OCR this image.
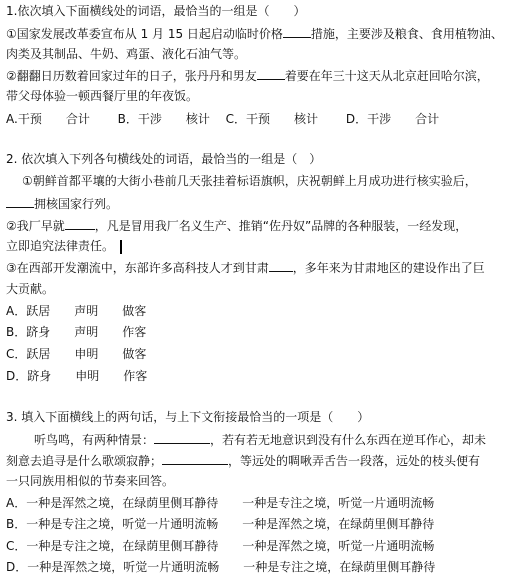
1.依次填入下面横线处的词语，最恰当的一组是（　　）
①国家发展改革委宣布从 1 月 15 日起启动临时价格 措施，主要涉及粮食、食用植物油、
肉类及其制品、牛奶、鸡蛋、液化石油气等。
②翻翻日历数着回家过年的日子，张丹丹和男友 着要在年三十这天从北京赶回哈尔滨，
带父母体验一顿西餐厅里的年夜饭。
A.干预　　合计　　 B．干涉　　核计　 C．干预　　核计　　 D．干涉　　合计
2. 依次填入下列各句横线处的词语，最恰当的一组是（　）
①朝鲜首都平壤的大街小巷前几天张挂着标语旗帜，庆祝朝鲜上月成功进行核实验后，
拥核国家行列。
②我厂早就	，凡是冒用我厂名义生产、推销“佐丹奴”品牌的各种服装，一经发现，
立即追究法律责任。
③在西部开发潮流中，东部许多高科技人才到甘肃 ，多年来为甘肃地区的建设作出了巨
大贡献。
A．跃居　　声明　　做客
B．跻身　　声明　　作客
C．跃居　　申明　　做客
D．跻身　　申明　　作客
3. 填入下面横线上的两句话，与上下文衔接最恰当的一项是（　　）
听鸟鸣，有两种情景：	，若有若无地意识到没有什么东西在逆耳作心，却未
刻意去追寻是什么歌颂寂静；	，等远处的啁啾弄舌告一段落，远处的枝头便有
一只同族用相似的节奏来回答。
A．一种是浑然之境，在绿荫里侧耳静待　　一种是专注之境，听觉一片通明流畅
B．一种是专注之境，听觉一片通明流畅　　一种是浑然之境，在绿荫里侧耳静待
C．一种是专注之境，在绿荫里侧耳静待　　一种是浑然之境，听觉一片通明流畅
D．一种是浑然之境，听觉一片通明流畅　　一种是专注之境，在绿荫里侧耳静待
